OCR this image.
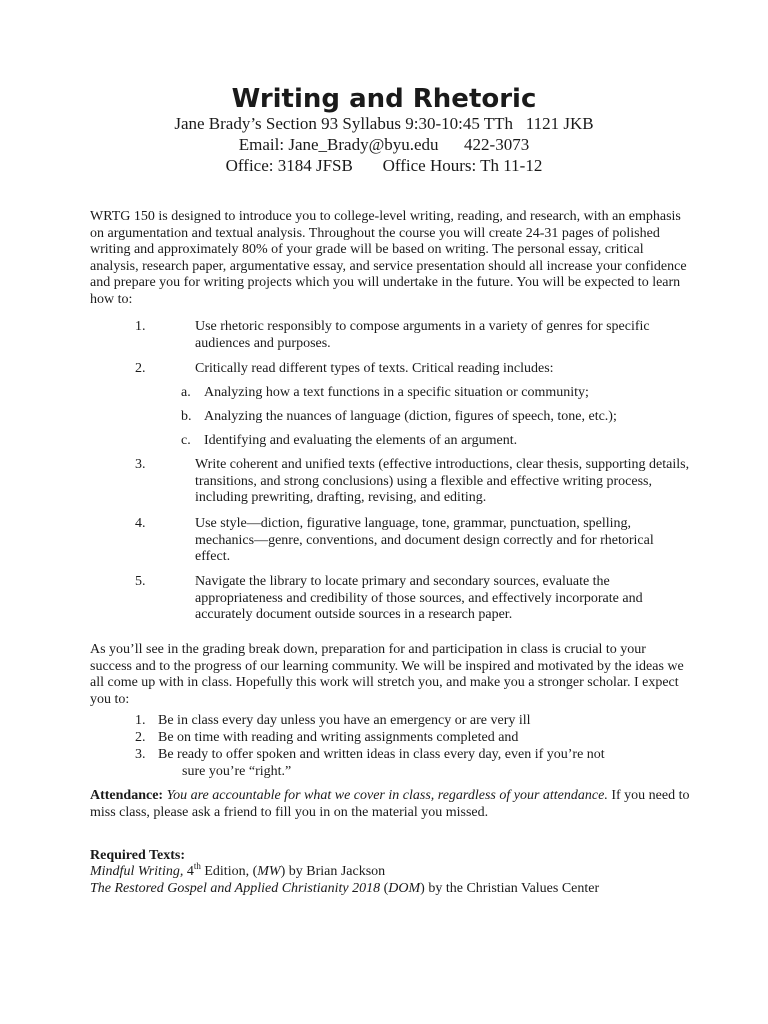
Writing and Rhetoric
Jane Brady’s Section 93 Syllabus 9:30-10:45 TTh   1121 JKB
Email: Jane_Brady@byu.edu      422-3073
Office: 3184 JFSB       Office Hours: Th 11-12

WRTG 150 is designed to introduce you to college-level writing, reading, and research, with an emphasis on argumentation and textual analysis. Throughout the course you will create 24-31 pages of polished writing and approximately 80% of your grade will be based on writing. The personal essay, critical analysis, research paper, argumentative essay, and service presentation should all increase your confidence and prepare you for writing projects which you will undertake in the future. You will be expected to learn how to:

1.	Use rhetoric responsibly to compose arguments in a variety of genres for specific audiences and purposes.
2.	Critically read different types of texts. Critical reading includes:
a. Analyzing how a text functions in a specific situation or community;
b. Analyzing the nuances of language (diction, figures of speech, tone, etc.);
c. Identifying and evaluating the elements of an argument.
3.	Write coherent and unified texts (effective introductions, clear thesis, supporting details, transitions, and strong conclusions) using a flexible and effective writing process, including prewriting, drafting, revising, and editing.
4.	Use style—diction, figurative language, tone, grammar, punctuation, spelling, mechanics—genre, conventions, and document design correctly and for rhetorical effect.
5.	Navigate the library to locate primary and secondary sources, evaluate the appropriateness and credibility of those sources, and effectively incorporate and accurately document outside sources in a research paper.

As you’ll see in the grading break down, preparation for and participation in class is crucial to your success and to the progress of our learning community. We will be inspired and motivated by the ideas we all come up with in class. Hopefully this work will stretch you, and make you a stronger scholar. I expect you to:

1. Be in class every day unless you have an emergency or are very ill
2. Be on time with reading and writing assignments completed and
3. Be ready to offer spoken and written ideas in class every day, even if you’re not
sure you’re “right.”

Attendance: You are accountable for what we cover in class, regardless of your attendance. If you need to miss class, please ask a friend to fill you in on the material you missed.

Required Texts:

Mindful Writing, 4th Edition, (MW) by Brian Jackson

The Restored Gospel and Applied Christianity 2018 (DOM) by the Christian Values Center
